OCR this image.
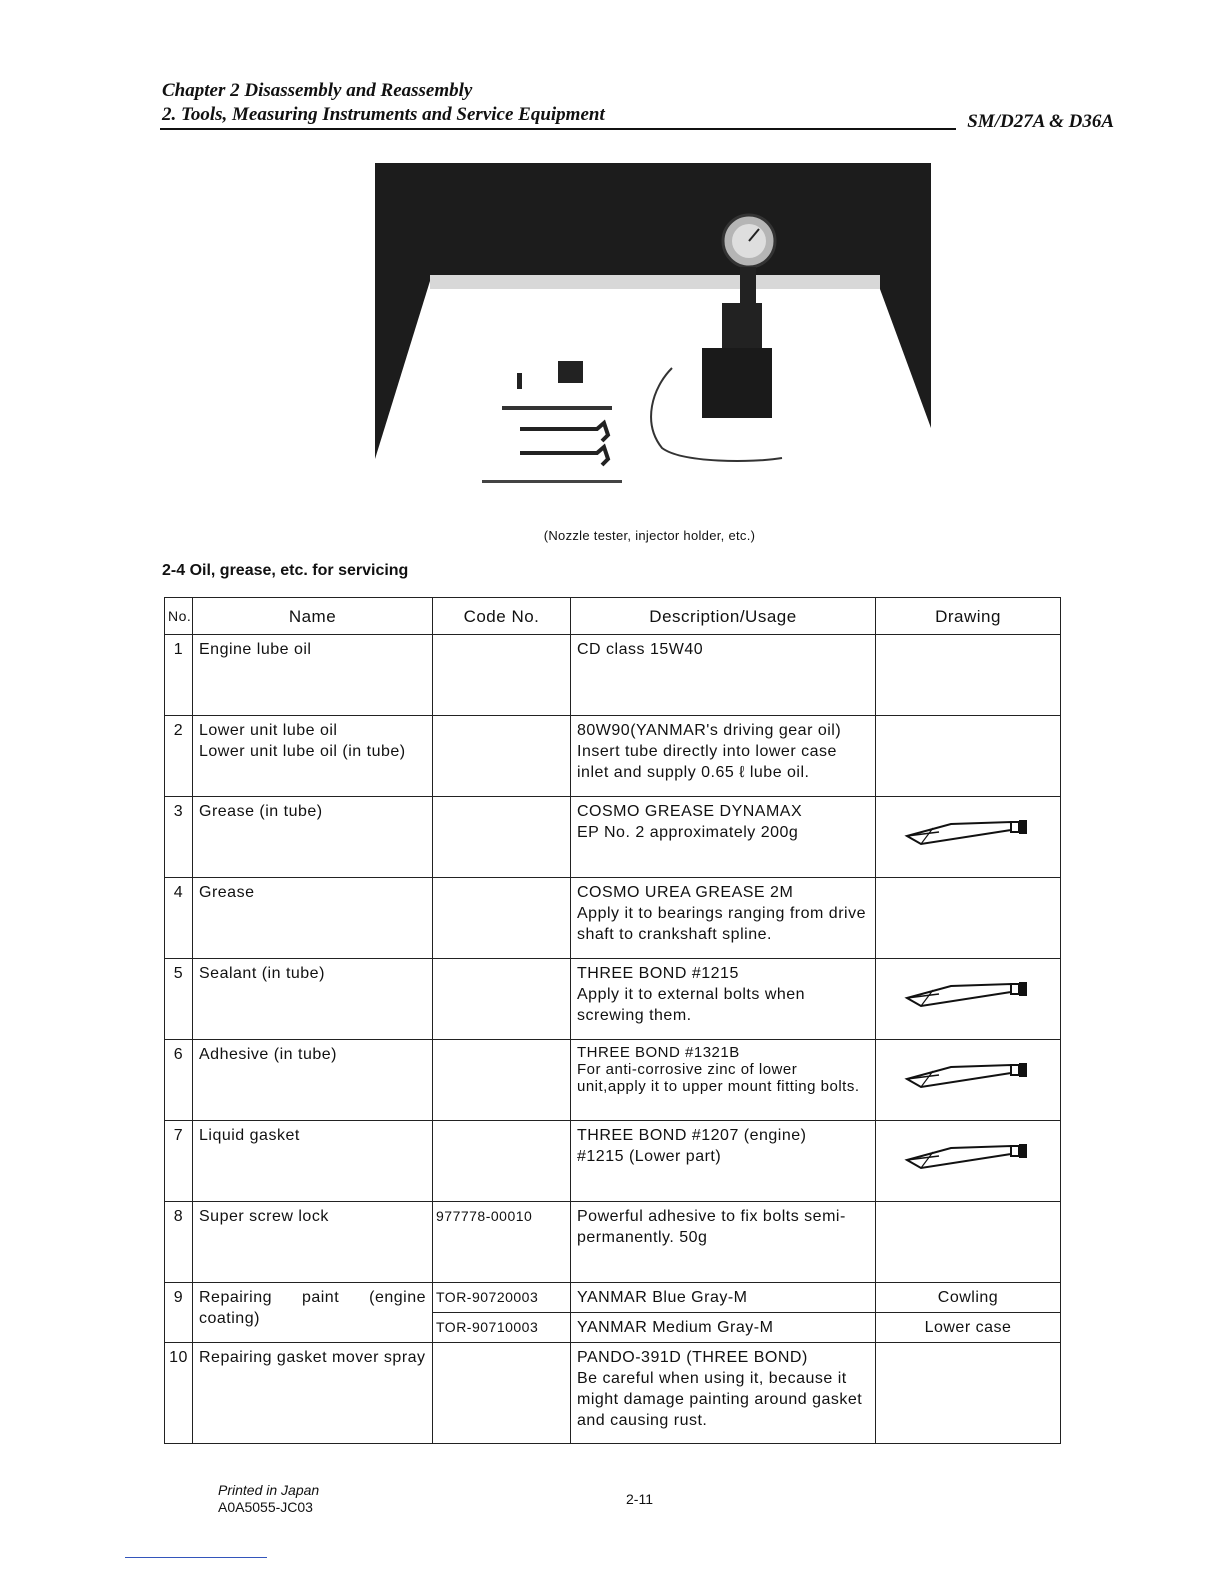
Chapter 2 Disassembly and Reassembly
2. Tools, Measuring Instruments and Service Equipment	SM/D27A & D36A
(Nozzle tester, injector holder, etc.)
2-4 Oil, grease, etc. for servicing
No.	Name	Code No.	Description/Usage	Drawing
1	Engine lube oil		CD class 15W40	
2	Lower unit lube oil
Lower unit lube oil (in tube)		80W90(YANMAR's driving gear oil) Insert tube directly into lower case inlet and supply 0.65 ℓ lube oil.	
3	Grease (in tube)		COSMO GREASE DYNAMAX
EP No. 2 approximately 200g	
4	Grease		COSMO UREA GREASE 2M
Apply it to bearings ranging from drive shaft to crankshaft spline.	
5	Sealant (in tube)		THREE BOND #1215
Apply it to external bolts when screwing them.	
6	Adhesive (in tube)		THREE BOND #1321B
For anti-corrosive zinc of lower unit,apply it to upper mount fitting bolts.	
7	Liquid gasket		THREE BOND #1207 (engine)
#1215 (Lower part)	
8	Super screw lock	977778-00010	Powerful adhesive to fix bolts semi-permanently. 50g	
9	Repairing paint (engine coating)	TOR-90720003	YANMAR Blue Gray-M	Cowling
		TOR-90710003	YANMAR Medium Gray-M	Lower case
10	Repairing gasket mover spray		PANDO-391D (THREE BOND)
Be careful when using it, because it might damage painting around gasket and causing rust.	
Printed in Japan
A0A5055-JC03	2-11
